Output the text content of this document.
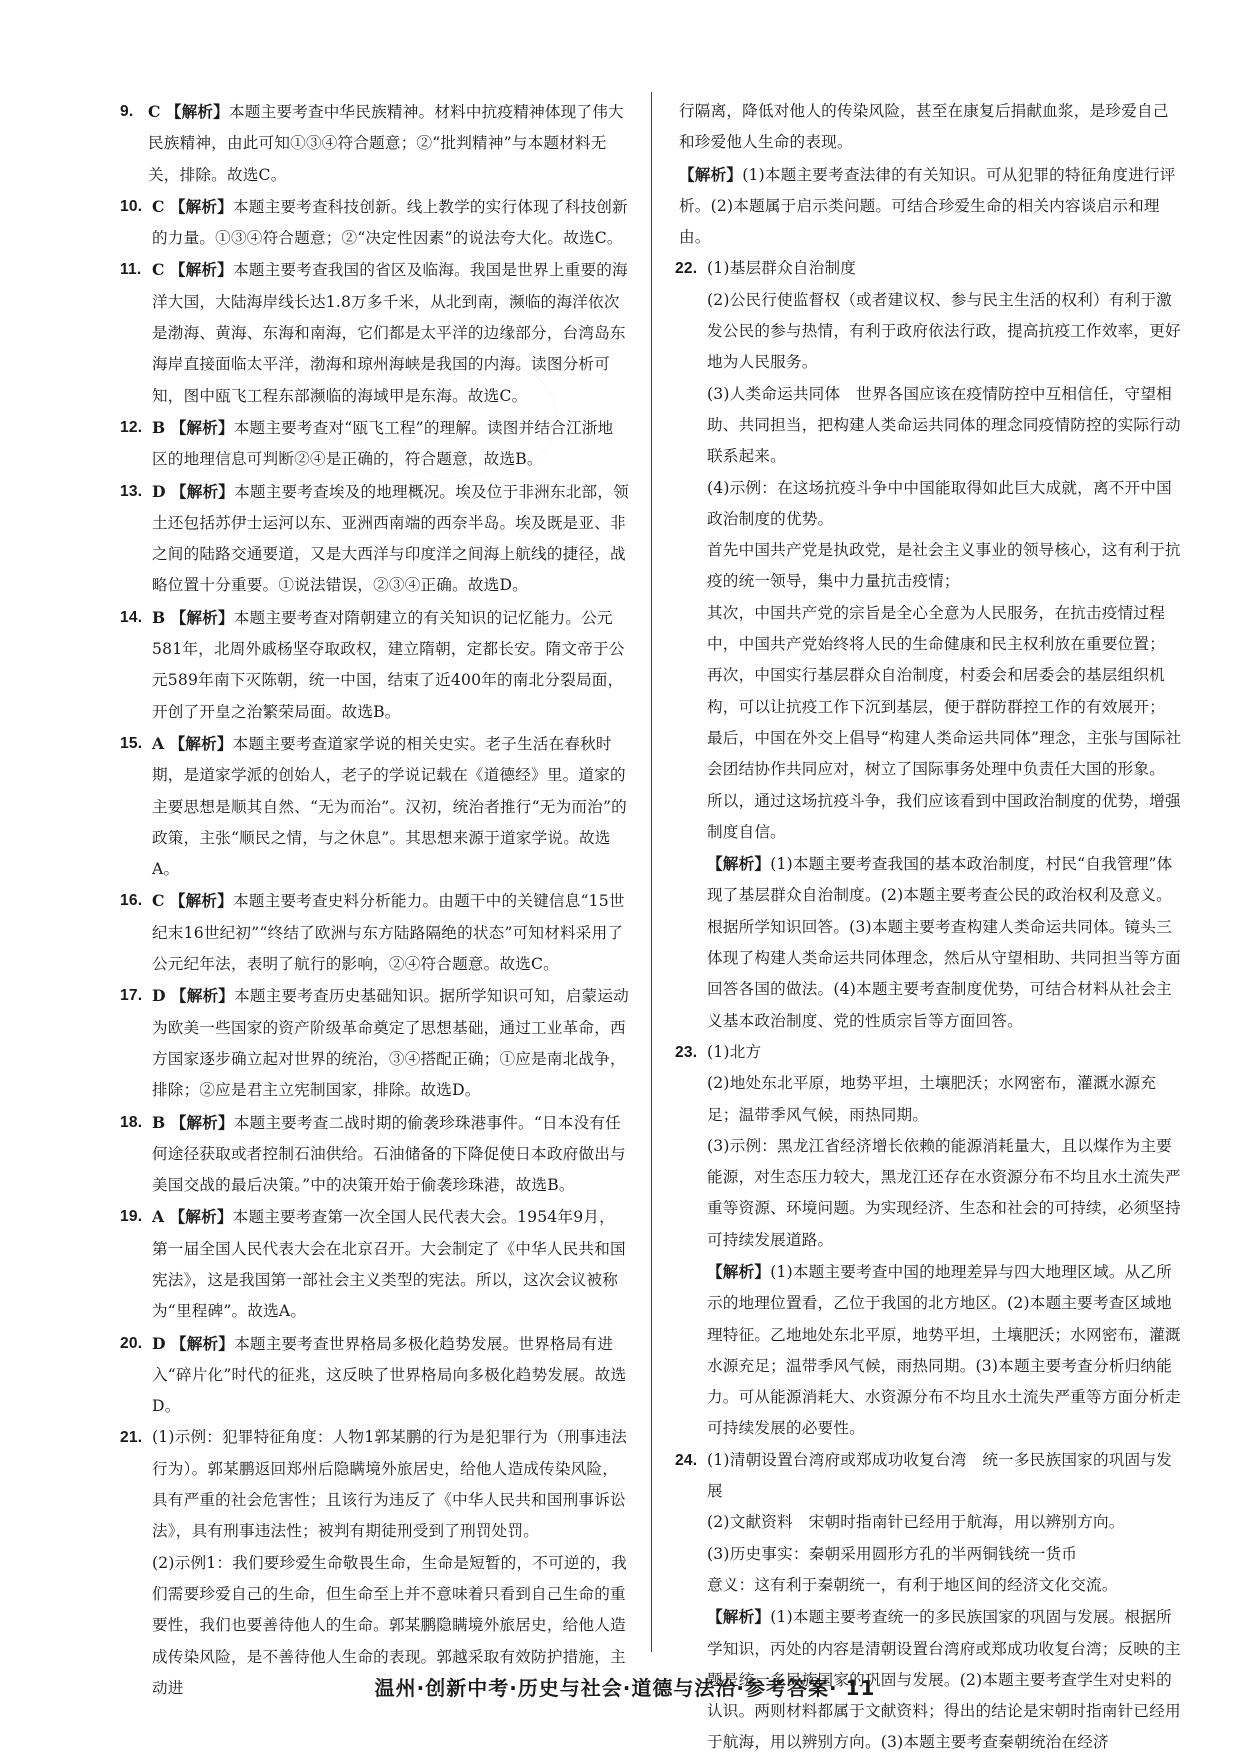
9. C 【解析】本题主要考查中华民族精神。材料中抗疫精神体现了伟大民族精神，由此可知①③④符合题意；②“批判精神”与本题材料无关，排除。故选C。
10. C 【解析】本题主要考查科技创新。线上教学的实行体现了科技创新的力量。①③④符合题意；②“决定性因素”的说法夸大化。故选C。
11. C 【解析】本题主要考查我国的省区及临海。我国是世界上重要的海洋大国，大陆海岸线长达1.8万多千米，从北到南，濒临的海洋依次是渤海、黄海、东海和南海，它们都是太平洋的边缘部分，台湾岛东海岸直接面临太平洋，渤海和琼州海峡是我国的内海。读图分析可知，图中瓯飞工程东部濒临的海域甲是东海。故选C。
12. B 【解析】本题主要考查对“瓯飞工程”的理解。读图并结合江浙地区的地理信息可判断②④是正确的，符合题意，故选B。
13. D 【解析】本题主要考查埃及的地理概况。埃及位于非洲东北部，领土还包括苏伊士运河以东、亚洲西南端的西奈半岛。埃及既是亚、非之间的陆路交通要道，又是大西洋与印度洋之间海上航线的捷径，战略位置十分重要。①说法错误，②③④正确。故选D。
14. B 【解析】本题主要考查对隋朝建立的有关知识的记忆能力。公元581年，北周外戚杨坚夺取政权，建立隋朝，定都长安。隋文帝于公元589年南下灭陈朝，统一中国，结束了近400年的南北分裂局面，开创了开皇之治繁荣局面。故选B。
15. A 【解析】本题主要考查道家学说的相关史实。老子生活在春秋时期，是道家学派的创始人，老子的学说记载在《道德经》里。道家的主要思想是顺其自然、“无为而治”。汉初，统治者推行“无为而治”的政策，主张“顺民之情，与之休息”。其思想来源于道家学说。故选A。
16. C 【解析】本题主要考查史料分析能力。由题干中的关键信息“15世纪末16世纪初”“终结了欧洲与东方陆路隔绝的状态”可知材料采用了公元纪年法，表明了航行的影响，②④符合题意。故选C。
17. D 【解析】本题主要考查历史基础知识。据所学知识可知，启蒙运动为欧美一些国家的资产阶级革命奠定了思想基础，通过工业革命，西方国家逐步确立起对世界的统治，③④搭配正确；①应是南北战争，排除；②应是君主立宪制国家，排除。故选D。
18. B 【解析】本题主要考查二战时期的偷袭珍珠港事件。“日本没有任何途径获取或者控制石油供给。石油储备的下降促使日本政府做出与美国交战的最后决策。”中的决策开始于偷袭珍珠港，故选B。
19. A 【解析】本题主要考查第一次全国人民代表大会。1954年9月，第一届全国人民代表大会在北京召开。大会制定了《中华人民共和国宪法》，这是我国第一部社会主义类型的宪法。所以，这次会议被称为“里程碑”。故选A。
20. D 【解析】本题主要考查世界格局多极化趋势发展。世界格局有进入“碎片化”时代的征兆，这反映了世界格局向多极化趋势发展。故选D。
21. (1)示例：犯罪特征角度：人物1郭某鹏的行为是犯罪行为（刑事违法行为）。郭某鹏返回郑州后隐瞒境外旅居史，给他人造成传染风险，具有严重的社会危害性；且该行为违反了《中华人民共和国刑事诉讼法》，具有刑事违法性；被判有期徒刑受到了刑罚处罚。
(2)示例1：我们要珍爱生命敬畏生命，生命是短暂的，不可逆的，我们需要珍爱自己的生命，但生命至上并不意味着只看到自己生命的重要性，我们也要善待他人的生命。郭某鹏隐瞒境外旅居史，给他人造成传染风险，是不善待他人生命的表现。郭越采取有效防护措施，主动进
行隔离，降低对他人的传染风险，甚至在康复后捐献血浆，是珍爱自己和珍爱他人生命的表现。
【解析】(1)本题主要考查法律的有关知识。可从犯罪的特征角度进行评析。(2)本题属于启示类问题。可结合珍爱生命的相关内容谈启示和理由。
22. (1)基层群众自治制度
(2)公民行使监督权（或者建议权、参与民主生活的权利）有利于激发公民的参与热情，有利于政府依法行政，提高抗疫工作效率，更好地为人民服务。
(3)人类命运共同体　世界各国应该在疫情防控中互相信任，守望相助、共同担当，把构建人类命运共同体的理念同疫情防控的实际行动联系起来。
(4)示例：在这场抗疫斗争中中国能取得如此巨大成就，离不开中国政治制度的优势。
首先中国共产党是执政党，是社会主义事业的领导核心，这有利于抗疫的统一领导，集中力量抗击疫情；
其次，中国共产党的宗旨是全心全意为人民服务，在抗击疫情过程中，中国共产党始终将人民的生命健康和民主权利放在重要位置；
再次，中国实行基层群众自治制度，村委会和居委会的基层组织机构，可以让抗疫工作下沉到基层，便于群防群控工作的有效展开；
最后，中国在外交上倡导“构建人类命运共同体”理念，主张与国际社会团结协作共同应对，树立了国际事务处理中负责任大国的形象。
所以，通过这场抗疫斗争，我们应该看到中国政治制度的优势，增强制度自信。
【解析】(1)本题主要考查我国的基本政治制度，村民“自我管理”体现了基层群众自治制度。(2)本题主要考查公民的政治权利及意义。根据所学知识回答。(3)本题主要考查构建人类命运共同体。镜头三体现了构建人类命运共同体理念，然后从守望相助、共同担当等方面回答各国的做法。(4)本题主要考查制度优势，可结合材料从社会主义基本政治制度、党的性质宗旨等方面回答。
23. (1)北方
(2)地处东北平原，地势平坦，土壤肥沃；水网密布，灌溉水源充足；温带季风气候，雨热同期。
(3)示例：黑龙江省经济增长依赖的能源消耗量大，且以煤作为主要能源，对生态压力较大，黑龙江还存在水资源分布不均且水土流失严重等资源、环境问题。为实现经济、生态和社会的可持续，必须坚持可持续发展道路。
【解析】(1)本题主要考查中国的地理差异与四大地理区域。从乙所示的地理位置看，乙位于我国的北方地区。(2)本题主要考查区域地理特征。乙地地处东北平原，地势平坦，土壤肥沃；水网密布，灌溉水源充足；温带季风气候，雨热同期。(3)本题主要考查分析归纳能力。可从能源消耗大、水资源分布不均且水土流失严重等方面分析走可持续发展的必要性。
24. (1)清朝设置台湾府或郑成功收复台湾　统一多民族国家的巩固与发展
(2)文献资料　宋朝时指南针已经用于航海，用以辨别方向。
(3)历史事实：秦朝采用圆形方孔的半两铜钱统一货币
意义：这有利于秦朝统一，有利于地区间的经济文化交流。
【解析】(1)本题主要考查统一的多民族国家的巩固与发展。根据所学知识，丙处的内容是清朝设置台湾府或郑成功收复台湾；反映的主题是统一多民族国家的巩固与发展。(2)本题主要考查学生对史料的认识。两则材料都属于文献资料；得出的结论是宋朝时指南针已经用于航海，用以辨别方向。(3)本题主要考查秦朝统治在经济
温州·创新中考·历史与社会·道德与法治·参考答案· 11
